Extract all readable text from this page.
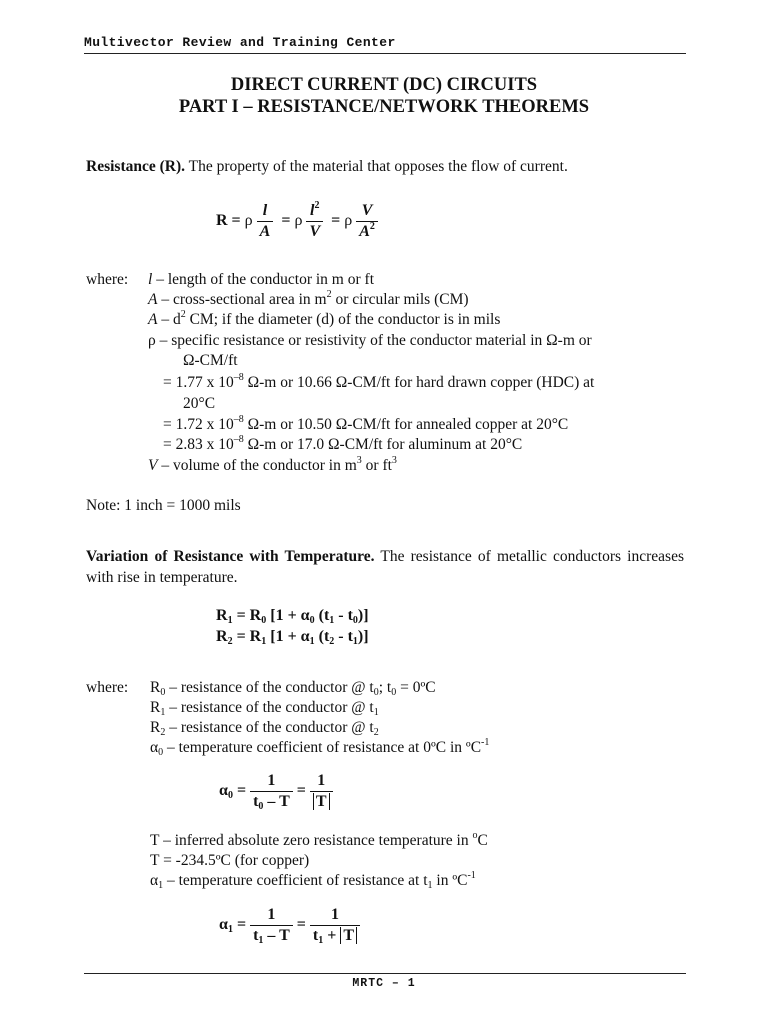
Multivector Review and Training Center
DIRECT CURRENT (DC) CIRCUITS
PART I – RESISTANCE/NETWORK THEOREMS
Resistance (R). The property of the material that opposes the flow of current.
R = ρ $\frac{l}{A} = \rho \frac{l^2}{V} = \rho \frac{V}{A^2}$
where: l – length of the conductor in m or ft
A – cross-sectional area in $m^2$ or circular mils (CM)
A – $d^2$ CM; if the diameter (d) of the conductor is in mils
ρ – specific resistance or resistivity of the conductor material in Ω-m or
Ω-CM/ft
= 1.77 x $10^{-8}$ Ω-m or 10.66 Ω-CM/ft for hard drawn copper (HDC) at
20°C
= 1.72 x $10^{-8}$ Ω-m or 10.50 Ω-CM/ft for annealed copper at 20°C
= 2.83 x $10^{-8}$ Ω-m or 17.0 Ω-CM/ft for aluminum at 20°C
V – volume of the conductor in $m^3$ or $ft^3$
Note: 1 inch = 1000 mils
Variation of Resistance with Temperature. The resistance of metallic conductors increases with rise in temperature.
$R_1 = R_0$ [$1 + \alpha_0$ $(t_1 - t_0)$]
$R_2 = R_1$ [$1 + \alpha_1$ $(t_2 - t_1)$]
where: $R_0$ – resistance of the conductor @ $t_0$; $t_0$ = 0ºC
$R_1$ – resistance of the conductor @ $t_1$
$R_2$ – resistance of the conductor @ $t_2$
$\alpha_0$ – temperature coefficient of resistance at 0ºC in ºC$^{-1}$
$\alpha_0 = \frac{1}{t_0 - T} = \frac{1}{T}$
T – inferred absolute zero resistance temperature in $^o$C
T = -234.5ºC (for copper)
$\alpha_1$ – temperature coefficient of resistance at $t_1$ in ºC$^{-1}$
$\alpha_1 = \frac{1}{t_1 - T} = \frac{1}{t_1 + T}$
MRTC – 1
